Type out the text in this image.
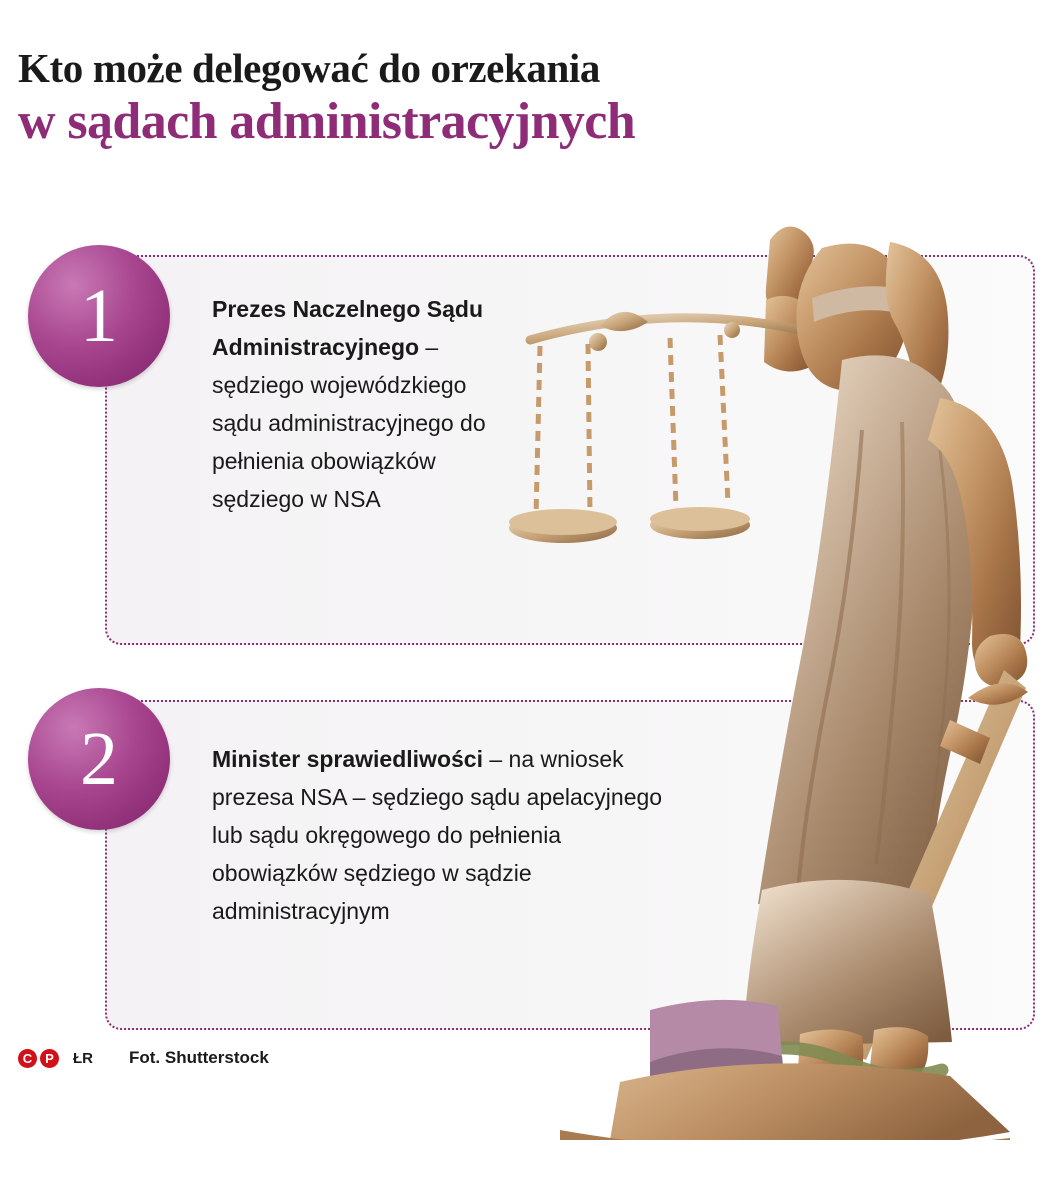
Kto może delegować do orzekania
w sądach administracyjnych
1
2
Prezes Naczelnego Sądu Administracyjnego – sędziego wojewódzkiego sądu administracyjnego do pełnienia obowiązków sędziego w NSA
Minister sprawiedliwości – na wniosek prezesa NSA – sędziego sądu apelacyjnego lub sądu okręgowego do pełnienia obowiązków sędziego w sądzie administracyjnym
C P	ŁR Fot. Shutterstock
